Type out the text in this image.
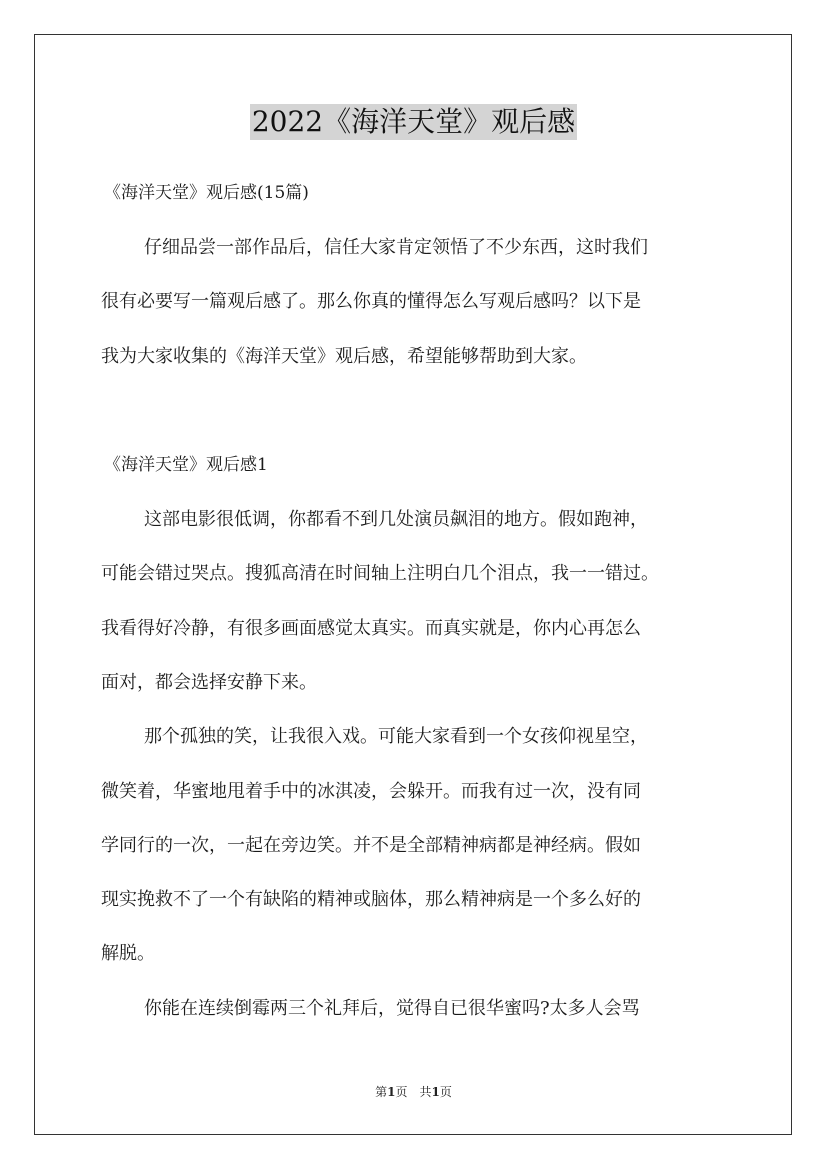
2022《海洋天堂》观后感
《海洋天堂》观后感(15篇)
仔细品尝一部作品后，信任大家肯定领悟了不少东西，这时我们
很有必要写一篇观后感了。那么你真的懂得怎么写观后感吗？以下是
我为大家收集的《海洋天堂》观后感，希望能够帮助到大家。
《海洋天堂》观后感1
这部电影很低调，你都看不到几处演员飙泪的地方。假如跑神，
可能会错过哭点。搜狐高清在时间轴上注明白几个泪点，我一一错过。
我看得好冷静，有很多画面感觉太真实。而真实就是，你内心再怎么
面对，都会选择安静下来。
那个孤独的笑，让我很入戏。可能大家看到一个女孩仰视星空，
微笑着，华蜜地甩着手中的冰淇凌，会躲开。而我有过一次，没有同
学同行的一次，一起在旁边笑。并不是全部精神病都是神经病。假如
现实挽救不了一个有缺陷的精神或脑体，那么精神病是一个多么好的
解脱。
你能在连续倒霉两三个礼拜后，觉得自已很华蜜吗?太多人会骂
第1页　共1页
